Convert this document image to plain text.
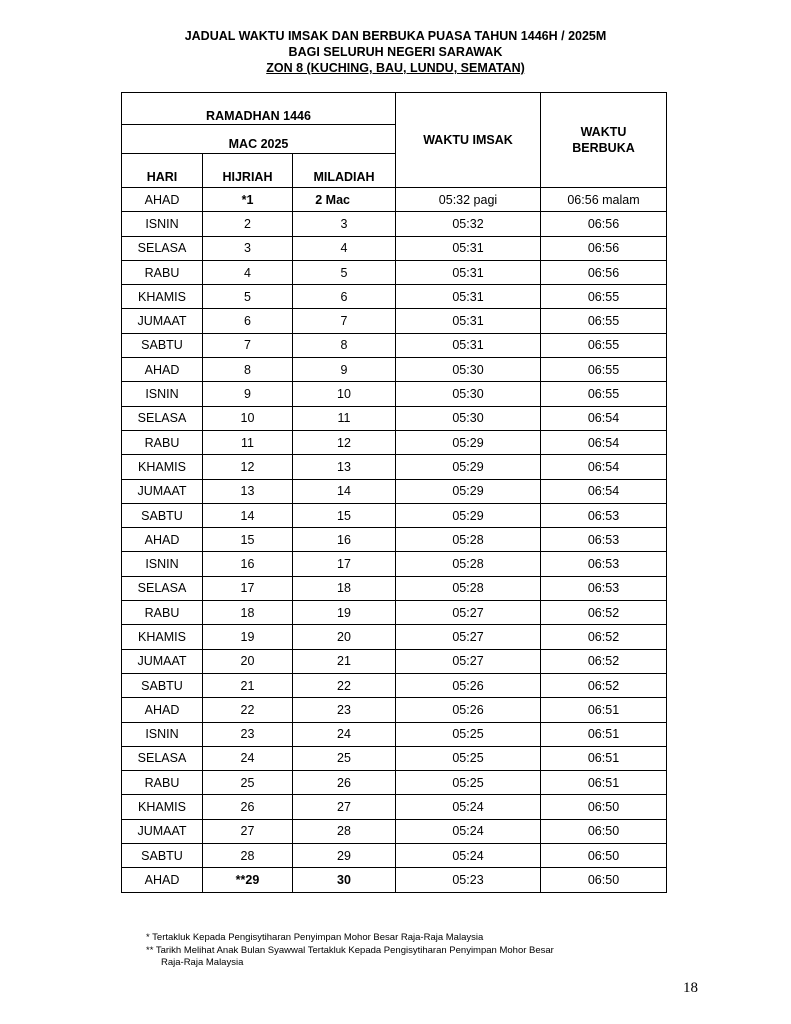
JADUAL WAKTU IMSAK DAN BERBUKA PUASA TAHUN 1446H / 2025M
BAGI SELURUH NEGERI SARAWAK
ZON 8 (KUCHING, BAU, LUNDU, SEMATAN)
RAMADHAN 1446			WAKTU IMSAK	WAKTU BERBUKA

MAC 2025				
HARI	HIJRIAH	MILADIAH		
AHAD	*1	2 Mac	05:32 pagi	06:56 malam
ISNIN	2	3	05:32	06:56
SELASA	3	4	05:31	06:56
RABU	4	5	05:31	06:56
KHAMIS	5	6	05:31	06:55
JUMAAT	6	7	05:31	06:55
SABTU	7	8	05:31	06:55
AHAD	8	9	05:30	06:55
ISNIN	9	10	05:30	06:55
SELASA	10	11	05:30	06:54
RABU	11	12	05:29	06:54
KHAMIS	12	13	05:29	06:54
JUMAAT	13	14	05:29	06:54
SABTU	14	15	05:29	06:53
AHAD	15	16	05:28	06:53
ISNIN	16	17	05:28	06:53
SELASA	17	18	05:28	06:53
RABU	18	19	05:27	06:52
KHAMIS	19	20	05:27	06:52
JUMAAT	20	21	05:27	06:52
SABTU	21	22	05:26	06:52
AHAD	22	23	05:26	06:51
ISNIN	23	24	05:25	06:51
SELASA	24	25	05:25	06:51
RABU	25	26	05:25	06:51
KHAMIS	26	27	05:24	06:50
JUMAAT	27	28	05:24	06:50
SABTU	28	29	05:24	06:50
AHAD	**29	30	05:23	06:50
* Tertakluk Kepada Pengisytiharan Penyimpan Mohor Besar Raja-Raja Malaysia
** Tarikh Melihat Anak Bulan Syawwal Tertakluk Kepada Pengisytiharan Penyimpan Mohor Besar
Raja-Raja Malaysia
18
